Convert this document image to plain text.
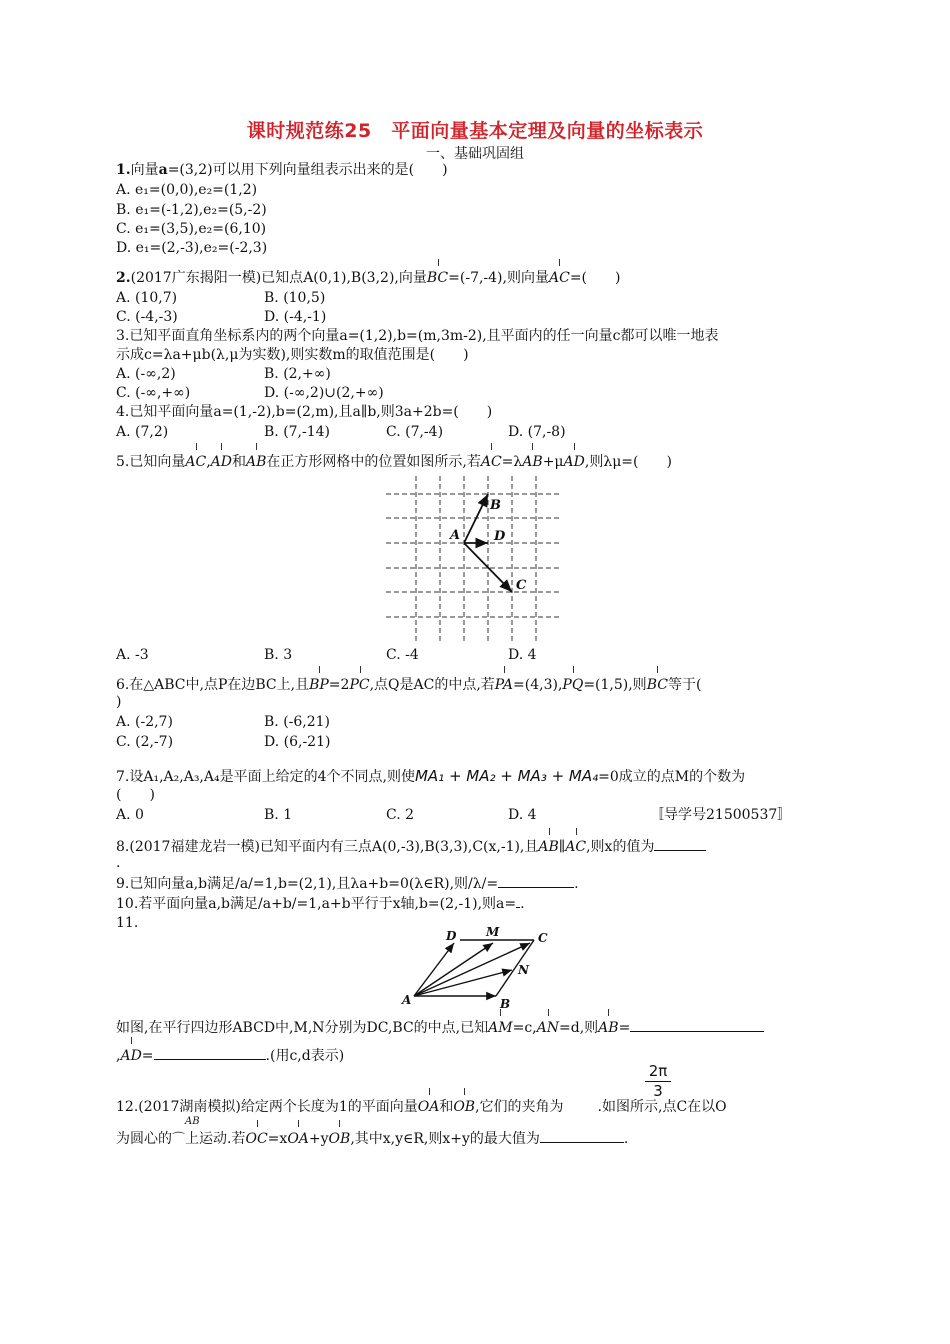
课时规范练25　平面向量基本定理及向量的坐标表示
一、基础巩固组
1.向量a=(3,2)可以用下列向量组表示出来的是(　　)
A. e₁=(0,0),e₂=(1,2)
B. e₁=(-1,2),e₂=(5,-2)
C. e₁=(3,5),e₂=(6,10)
D. e₁=(2,-3),e₂=(-2,3)
2.(2017广东揭阳一模)已知点A(0,1),B(3,2),向量BC=(-7,-4),则向量AC=(　　)
A. (10,7)	B. (10,5)
C. (-4,-3)	D. (-4,-1)
3.已知平面直角坐标系内的两个向量a=(1,2),b=(m,3m-2),且平面内的任一向量c都可以唯一地表
示成c=λa+μb(λ,μ为实数),则实数m的取值范围是(　　)
A. (-∞,2)	B. (2,+∞)
C. (-∞,+∞)	D. (-∞,2)∪(2,+∞)
4.已知平面向量a=(1,-2),b=(2,m),且a∥b,则3a+2b=(　　)
A. (7,2)	B. (7,-14)	C. (7,-4)	D. (7,-8)
5.已知向量AC,AD和AB在正方形网格中的位置如图所示,若AC=λAB+μAD,则λμ=(　　)
A
B
D
C
A. -3	B. 3	C. -4	D. 4
6.在△ABC中,点P在边BC上,且BP=2PC,点Q是AC的中点,若PA=(4,3),PQ=(1,5),则BC等于(
)
A. (-2,7)	B. (-6,21)
C. (2,-7)	D. (6,-21)
7.设A₁,A₂,A₃,A₄是平面上给定的4个不同点,则使MA₁ + MA₂ + MA₃ + MA₄=0成立的点M的个数为
(　　)
A. 0	B. 1	C. 2	D. 4	〚导学号21500537〛
8.(2017福建龙岩一模)已知平面内有三点A(0,-3),B(3,3),C(x,-1),且AB∥AC,则x的值为
.
9.已知向量a,b满足/a/=1,b=(2,1),且λa+b=0(λ∈R),则/λ/=	.
10.若平面向量a,b满足/a+b/=1,a+b平行于x轴,b=(2,-1),则a= .
11.
A	B
C
D M
N
如图,在平行四边形ABCD中,M,N分别为DC,BC的中点,已知AM=c,AN=d,则AB=
,AD=	.(用c,d表示)
$\frac{2\pi}{3}$
12.(2017湖南模拟)给定两个长度为1的平面向量OA和OB,它们的夹角为 .如图所示,点C在以O
AB
为圆心的⌒上运动.若OC=xOA+yOB,其中x,y∈R,则x+y的最大值为	.
